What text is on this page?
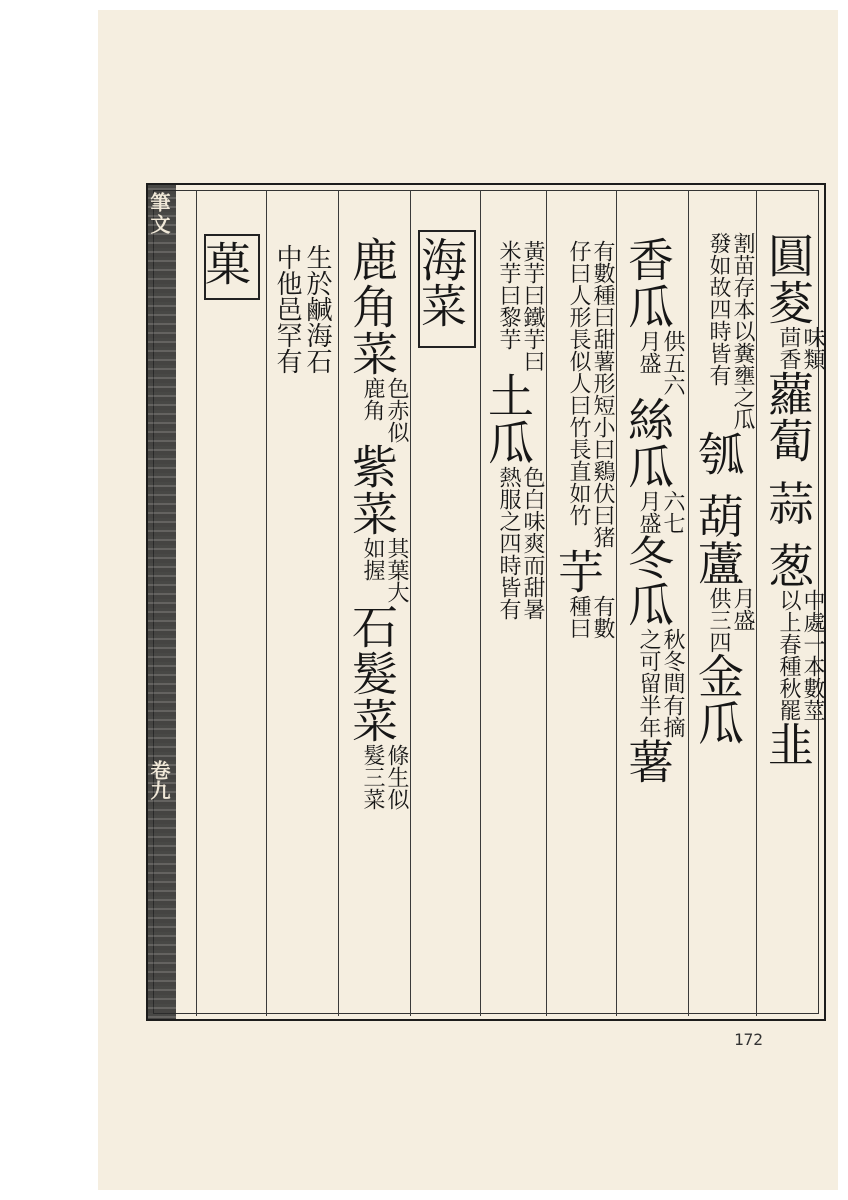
筆文
卷九
圓荾味類
茴香蘿蔔 蒜 葱中處一本數莖
以上春種秋罷韭
割苗存本以糞壅之瓜
發如故四時皆有瓠 葫蘆月盛
供三四金瓜
香瓜供五六
月盛絲瓜六七
月盛冬瓜秋冬間有摘
之可留半年薯
有數種曰甜薯形短小曰鷄伏曰猪
仔曰人形長似人曰竹長直如竹芋有數
種曰
黃芋曰鐵芋曰
米芋曰黎芋土瓜色白味爽而甜暑
熱服之四時皆有
海菜
鹿角菜色赤似
鹿角紫菜其葉大
如握石髮菜條生似
髮三菜
生於鹹海石
中他邑罕有
菓
172
